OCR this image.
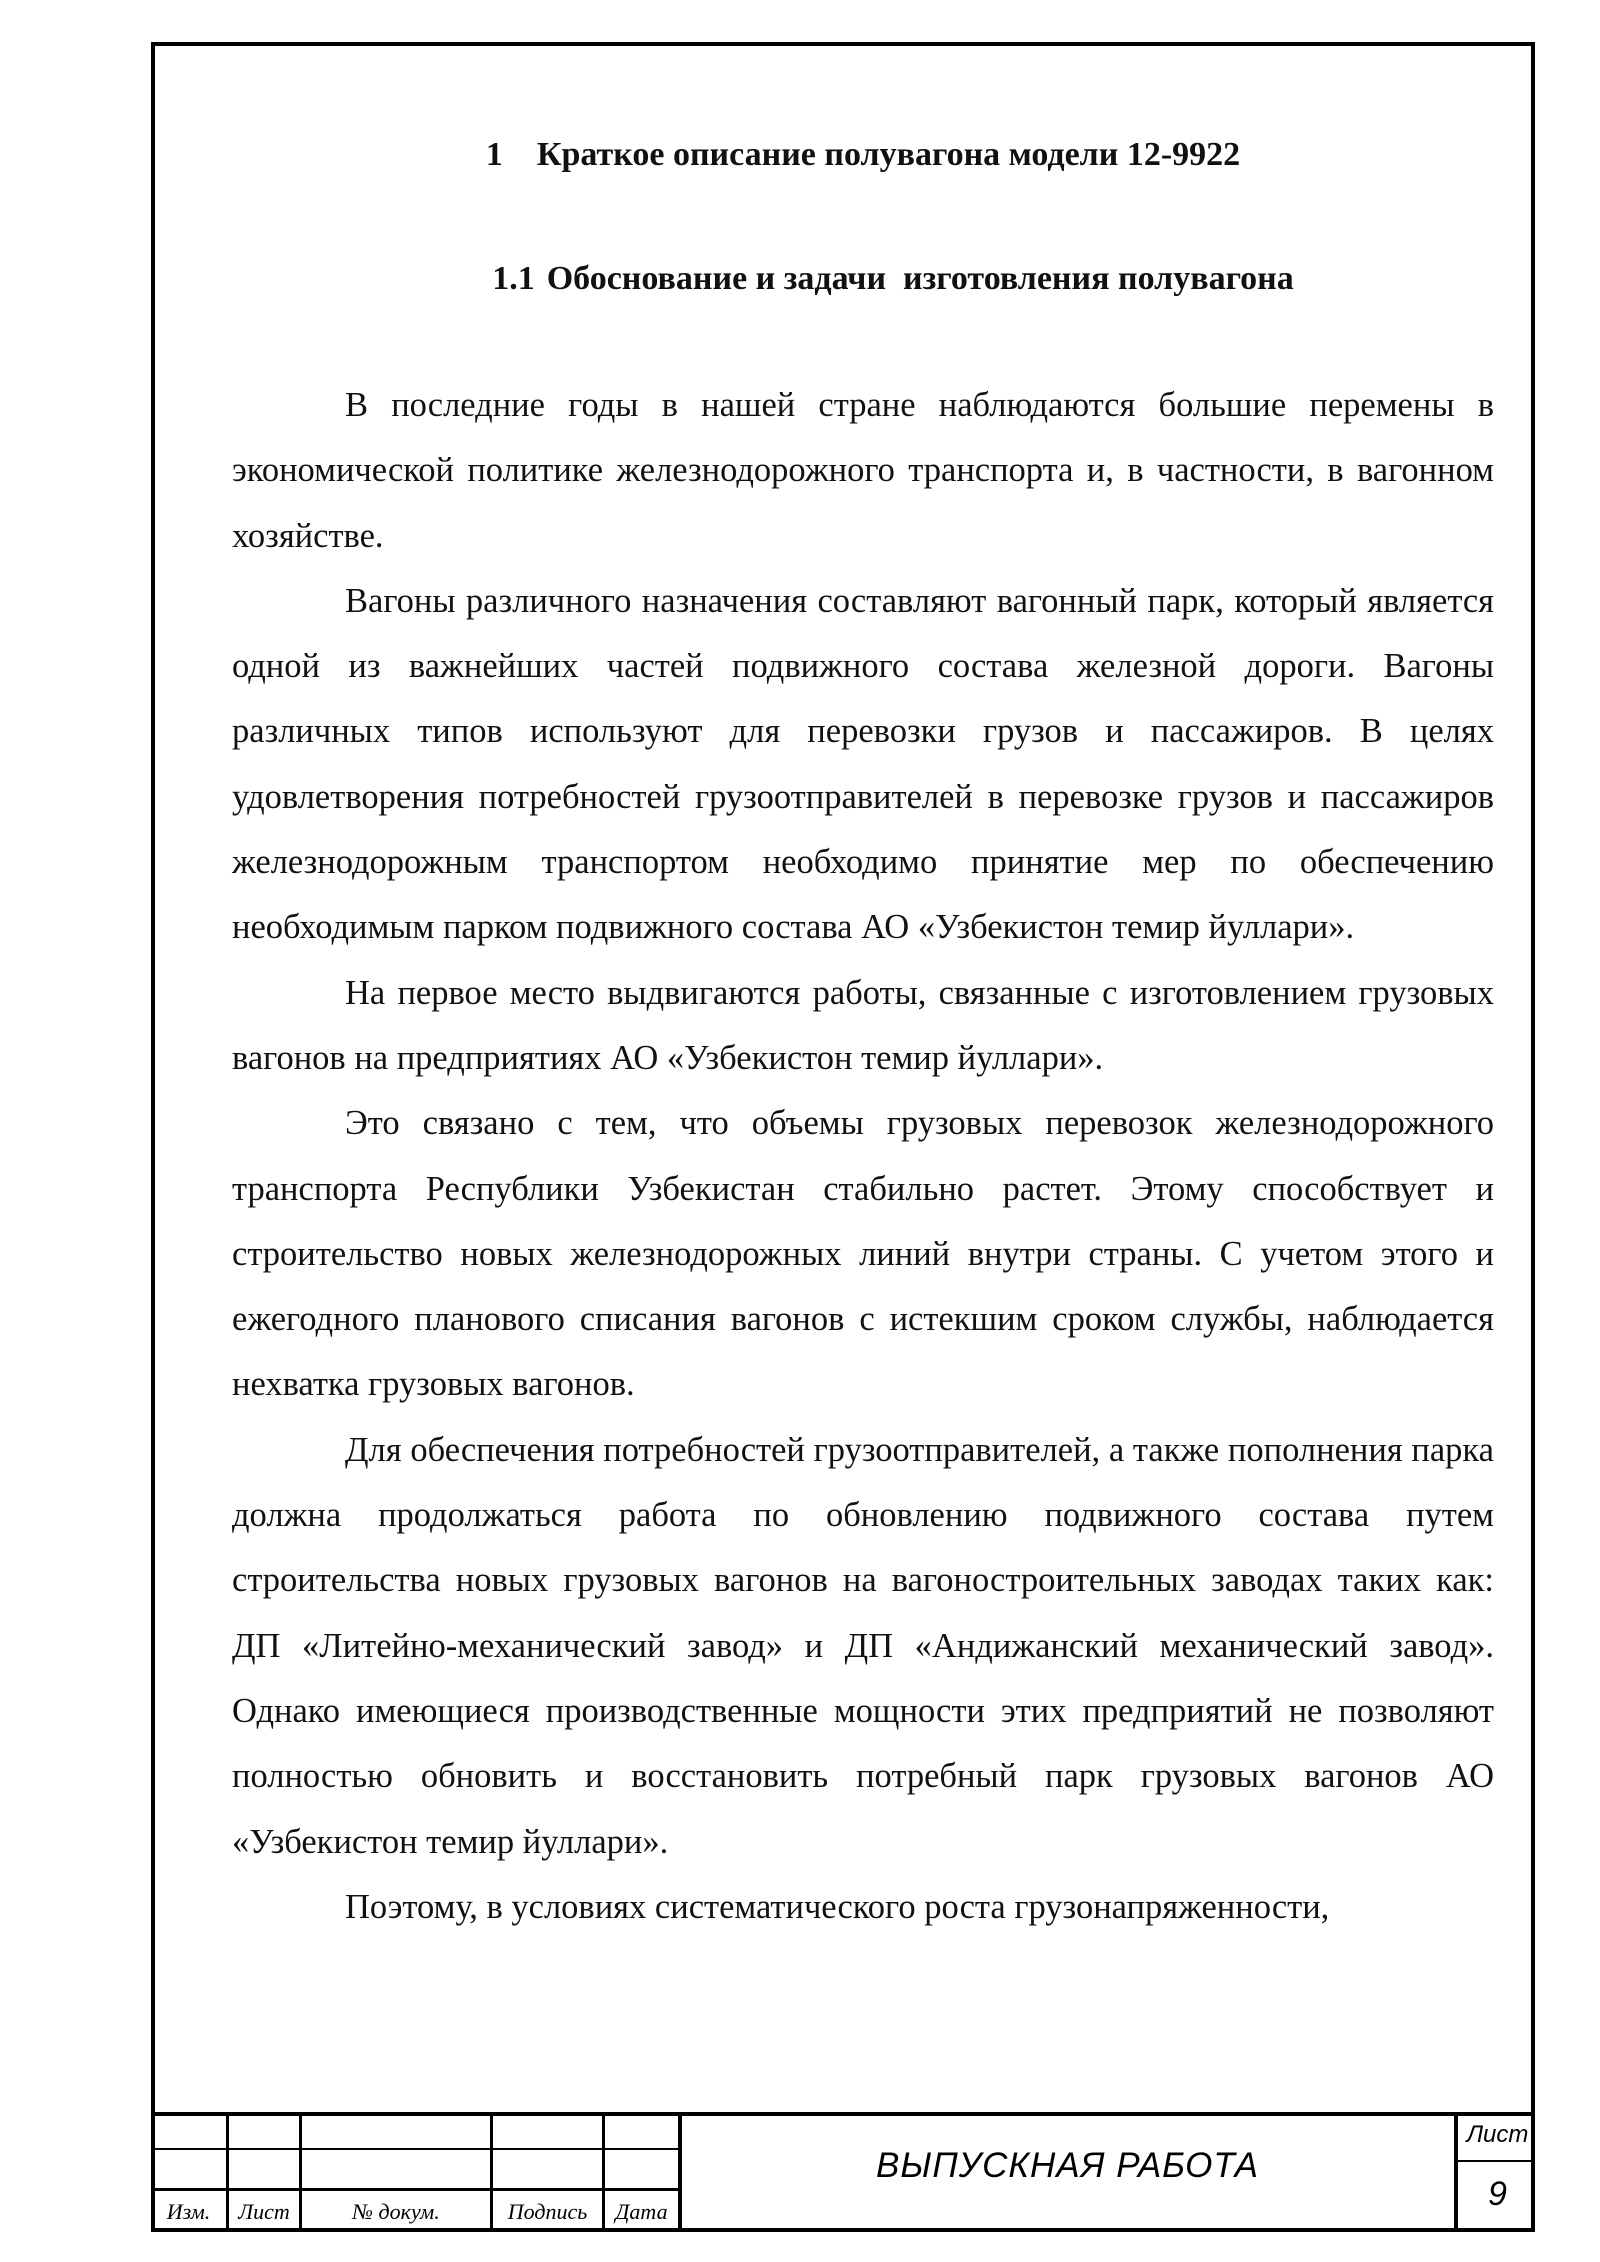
1 Краткое описание полувагона модели 12-9922
1.1 Обоснование и задачи  изготовления полувагона

В последние годы в нашей стране наблюдаются большие перемены в экономической политике железнодорожного транспорта и, в частности, в вагонном хозяйстве.

Вагоны различного назначения составляют вагонный парк, который является одной из важнейших частей подвижного состава железной дороги. Вагоны различных типов используют для перевозки грузов и пассажиров. В целях удовлетворения потребностей грузоотправителей в перевозке грузов и пассажиров железнодорожным транспортом необходимо принятие мер по обеспечению необходимым парком подвижного состава АО «Узбекистон темир йуллари».

На первое место выдвигаются работы, связанные с изготовлением грузовых вагонов на предприятиях АО «Узбекистон темир йуллари».

Это связано с тем, что объемы грузовых перевозок железнодорожного транспорта Республики Узбекистан стабильно растет. Этому способствует и строительство новых железнодорожных линий внутри страны. С учетом этого и ежегодного планового списания вагонов с истекшим сроком службы, наблюдается нехватка грузовых вагонов.

Для обеспечения потребностей грузоотправителей, а также пополнения парка должна продолжаться работа по обновлению подвижного состава путем строительства новых грузовых вагонов на вагоностроительных заводах таких как: ДП «Литейно-механический завод» и ДП «Андижанский механический завод». Однако имеющиеся производственные мощности этих предприятий не позволяют полностью обновить и восстановить потребный парк грузовых вагонов АО «Узбекистон темир йуллари».

Поэтому, в условиях систематического роста грузонапряженности,

Изм.	Лист	№ докум.	Подпись	Дата
ВЫПУСКНАЯ РАБОТА
Лист
9
